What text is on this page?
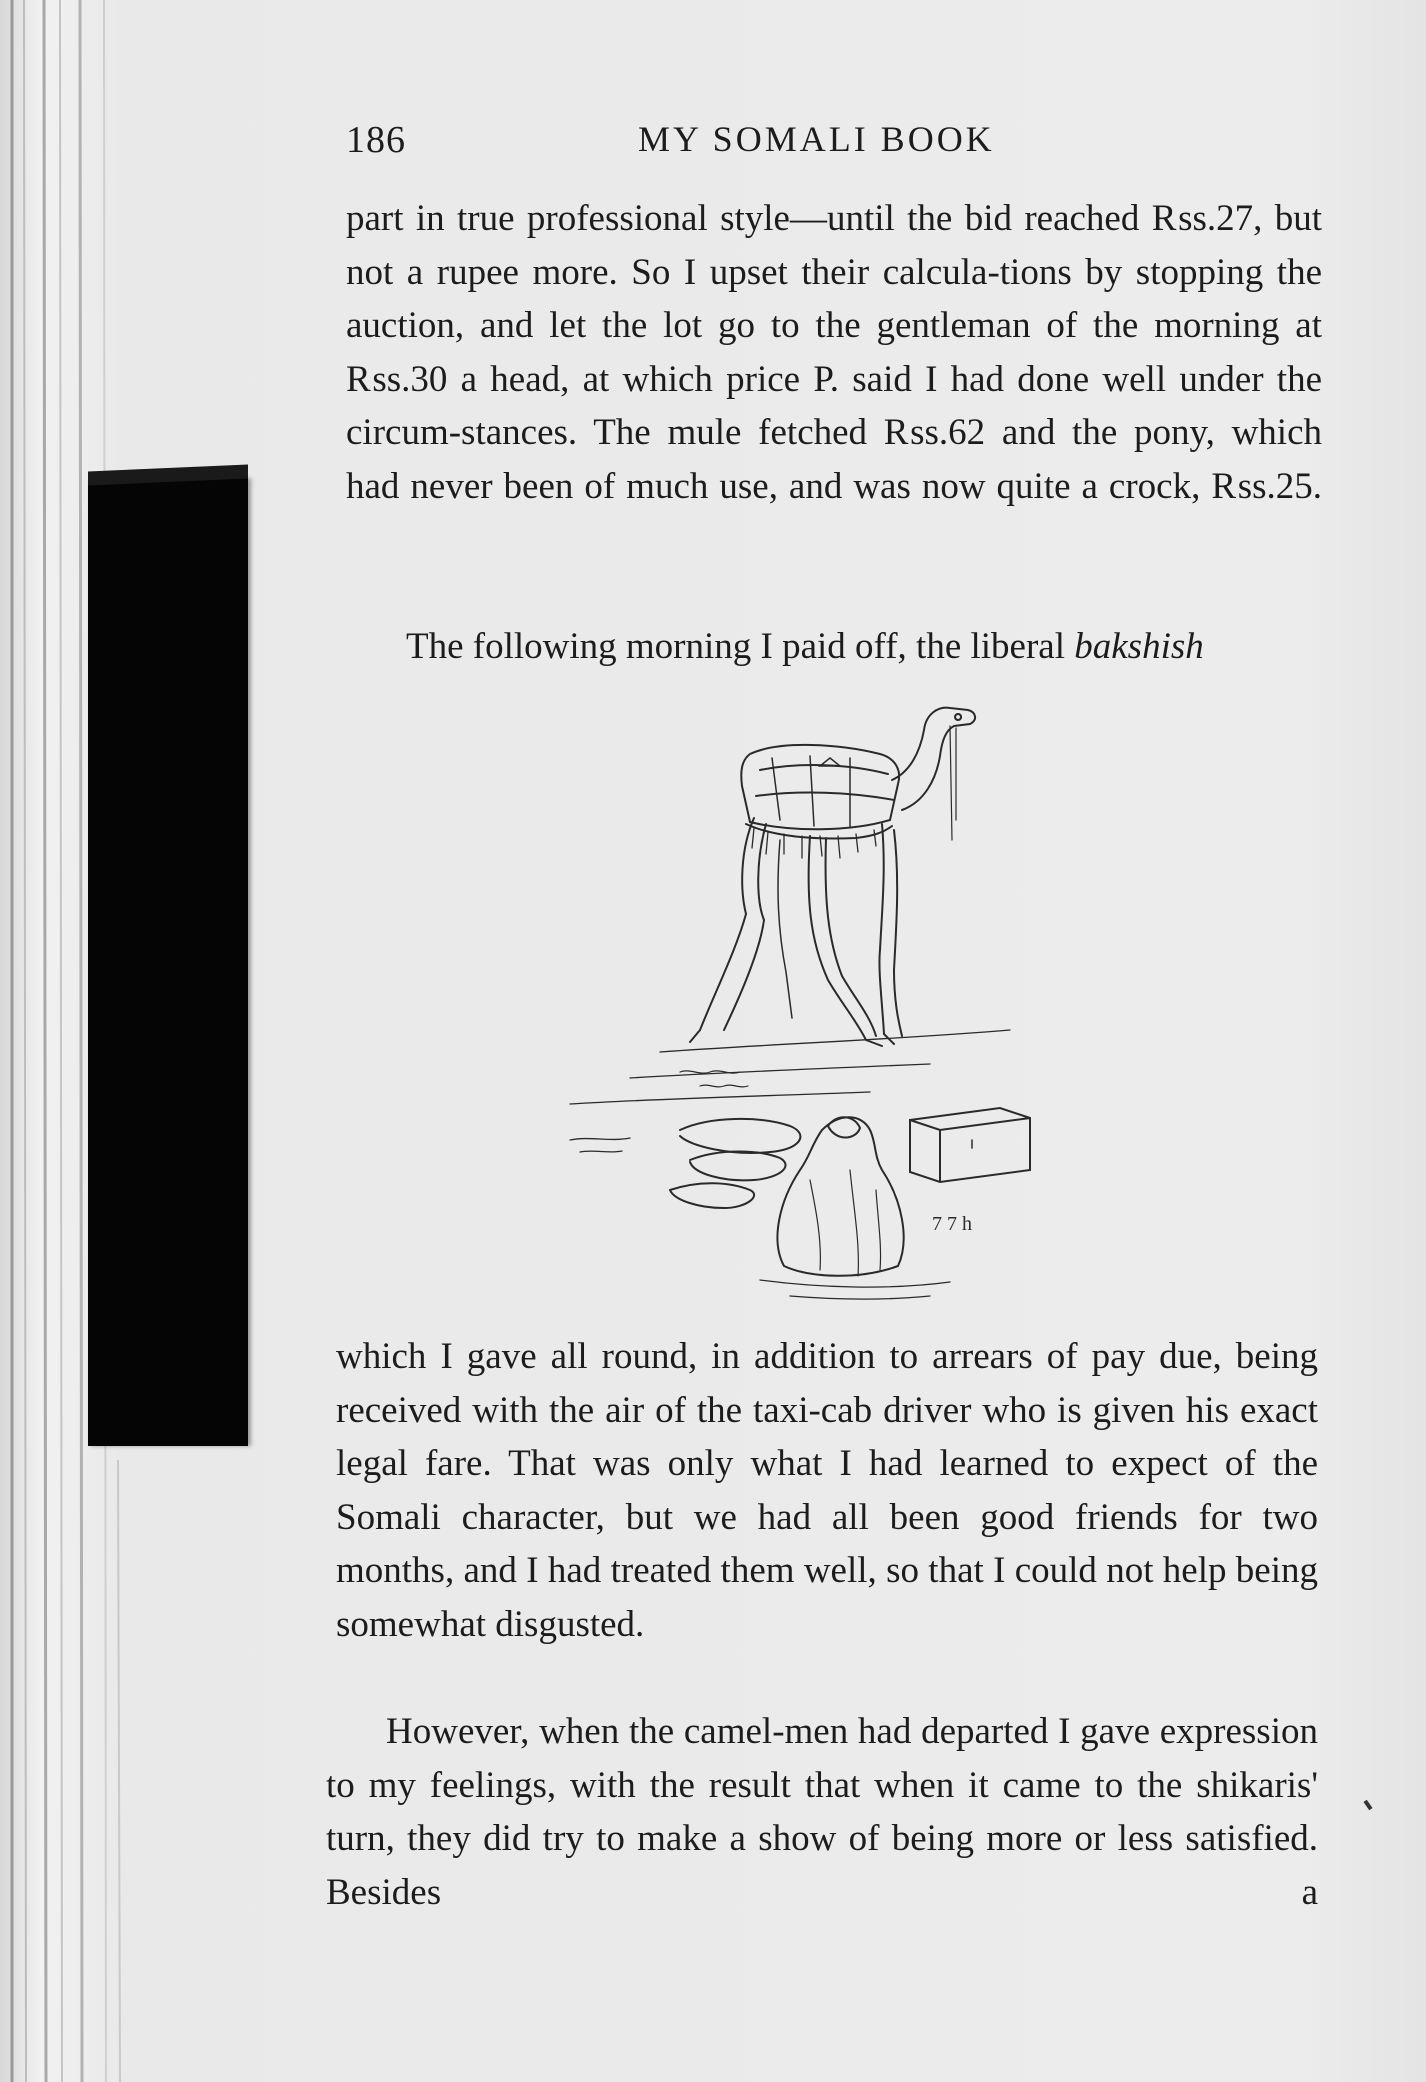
186	MY SOMALI BOOK

part in true professional style—until the bid reached ₨s.27, but not a rupee more. So I upset their calcula-tions by stopping the auction, and let the lot go to the gentleman of the morning at ₨s.30 a head, at which price P. said I had done well under the circum-stances. The mule fetched ₨s.62 and the pony, which had never been of much use, and was now quite a crock, ₨s.25.

The following morning I paid off, the liberal bakshish

7 7 h

which I gave all round, in addition to arrears of pay due, being received with the air of the taxi-cab driver who is given his exact legal fare. That was only what I had learned to expect of the Somali character, but we had all been good friends for two months, and I had treated them well, so that I could not help being somewhat disgusted.

However, when the camel-men had departed I gave expression to my feelings, with the result that when it came to the shikaris' turn, they did try to make a show of being more or less satisfied. Besides a
